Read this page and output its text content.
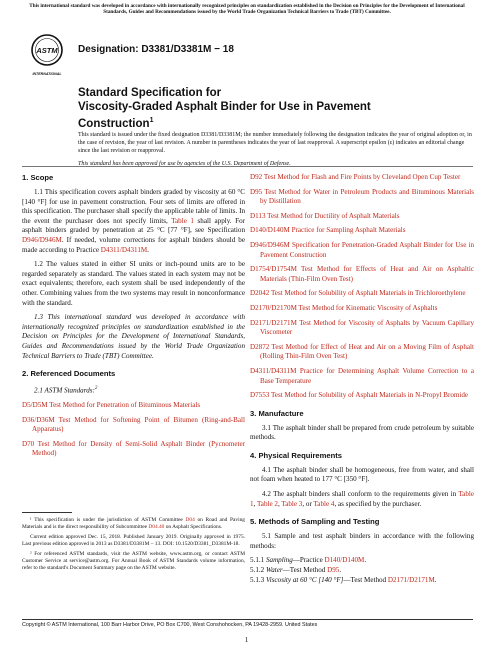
This international standard was developed in accordance with internationally recognized principles on standardization established in the Decision on Principles for the Development of International Standards, Guides and Recommendations issued by the World Trade Organization Technical Barriers to Trade (TBT) Committee.
ASTM
INTERNATIONAL
Designation: D3381/D3381M − 18

Standard Specification for

Viscosity-Graded Asphalt Binder for Use in Pavement

Construction$^1$

This standard is issued under the fixed designation D3381/D3381M; the number immediately following the designation indicates the year of original adoption or, in the case of revision, the year of last revision. A number in parentheses indicates the year of last reapproval. A superscript epsilon (ε) indicates an editorial change since the last revision or reapproval.

This standard has been approved for use by agencies of the U.S. Department of Defense.

1. Scope

1.1 This specification covers asphalt binders graded by viscosity at 60 °C [140 °F] for use in pavement construction. Four sets of limits are offered in this specification. The purchaser shall specify the applicable table of limits. In the event the purchaser does not specify limits, Table 1 shall apply. For asphalt binders graded by penetration at 25 °C [77 °F], see Specification D946/D946M. If needed, volume corrections for asphalt binders should be made according to Practice D4311/D4311M.

1.2 The values stated in either SI units or inch-pound units are to be regarded separately as standard. The values stated in each system may not be exact equivalents; therefore, each system shall be used independently of the other. Combining values from the two systems may result in nonconformance with the standard.

1.3 This international standard was developed in accordance with internationally recognized principles on standardization established in the Decision on Principles for the Development of International Standards, Guides and Recommendations issued by the World Trade Organization Technical Barriers to Trade (TBT) Committee.

2. Referenced Documents

2.1 ASTM Standards:$^2$

D5/D5M Test Method for Penetration of Bituminous Materials

D36/D36M Test Method for Softening Point of Bitumen (Ring-and-Ball Apparatus)

D70 Test Method for Density of Semi-Solid Asphalt Binder (Pycnometer Method)

D92 Test Method for Flash and Fire Points by Cleveland Open Cup Tester

D95 Test Method for Water in Petroleum Products and Bituminous Materials by Distillation

D113 Test Method for Ductility of Asphalt Materials

D140/D140M Practice for Sampling Asphalt Materials

D946/D946M Specification for Penetration-Graded Asphalt Binder for Use in Pavement Construction

D1754/D1754M Test Method for Effects of Heat and Air on Asphaltic Materials (Thin-Film Oven Test)

D2042 Test Method for Solubility of Asphalt Materials in Trichloroethylene

D2170/D2170M Test Method for Kinematic Viscosity of Asphalts

D2171/D2171M Test Method for Viscosity of Asphalts by Vacuum Capillary Viscometer

D2872 Test Method for Effect of Heat and Air on a Moving Film of Asphalt (Rolling Thin-Film Oven Test)

D4311/D4311M Practice for Determining Asphalt Volume Correction to a Base Temperature

D7553 Test Method for Solubility of Asphalt Materials in N-Propyl Bromide

3. Manufacture

3.1 The asphalt binder shall be prepared from crude petroleum by suitable methods.

4. Physical Requirements

4.1 The asphalt binder shall be homogeneous, free from water, and shall not foam when heated to 177 °C [350 °F].

4.2 The asphalt binders shall conform to the requirements given in Table 1, Table 2, Table 3, or Table 4, as specified by the purchaser.

5. Methods of Sampling and Testing

5.1 Sample and test asphalt binders in accordance with the following methods:

5.1.1 Sampling—Practice D140/D140M.

5.1.2 Water—Test Method D95.

5.1.3 Viscosity at 60 °C [140 °F]—Test Method D2171/D2171M.

¹ This specification is under the jurisdiction of ASTM Committee D04 on Road and Paving Materials and is the direct responsibility of Subcommittee D04.40 on Asphalt Specifications.

Current edition approved Dec. 15, 2018. Published January 2019. Originally approved in 1975. Last previous edition approved in 2013 as D3381/D3381M – 13. DOI: 10.1520/D3381_D3381M-18.

² For referenced ASTM standards, visit the ASTM website, www.astm.org, or contact ASTM Customer Service at service@astm.org. For Annual Book of ASTM Standards volume information, refer to the standard's Document Summary page on the ASTM website.

Copyright © ASTM International, 100 Barr Harbor Drive, PO Box C700, West Conshohocken, PA 19428-2959. United States
1
